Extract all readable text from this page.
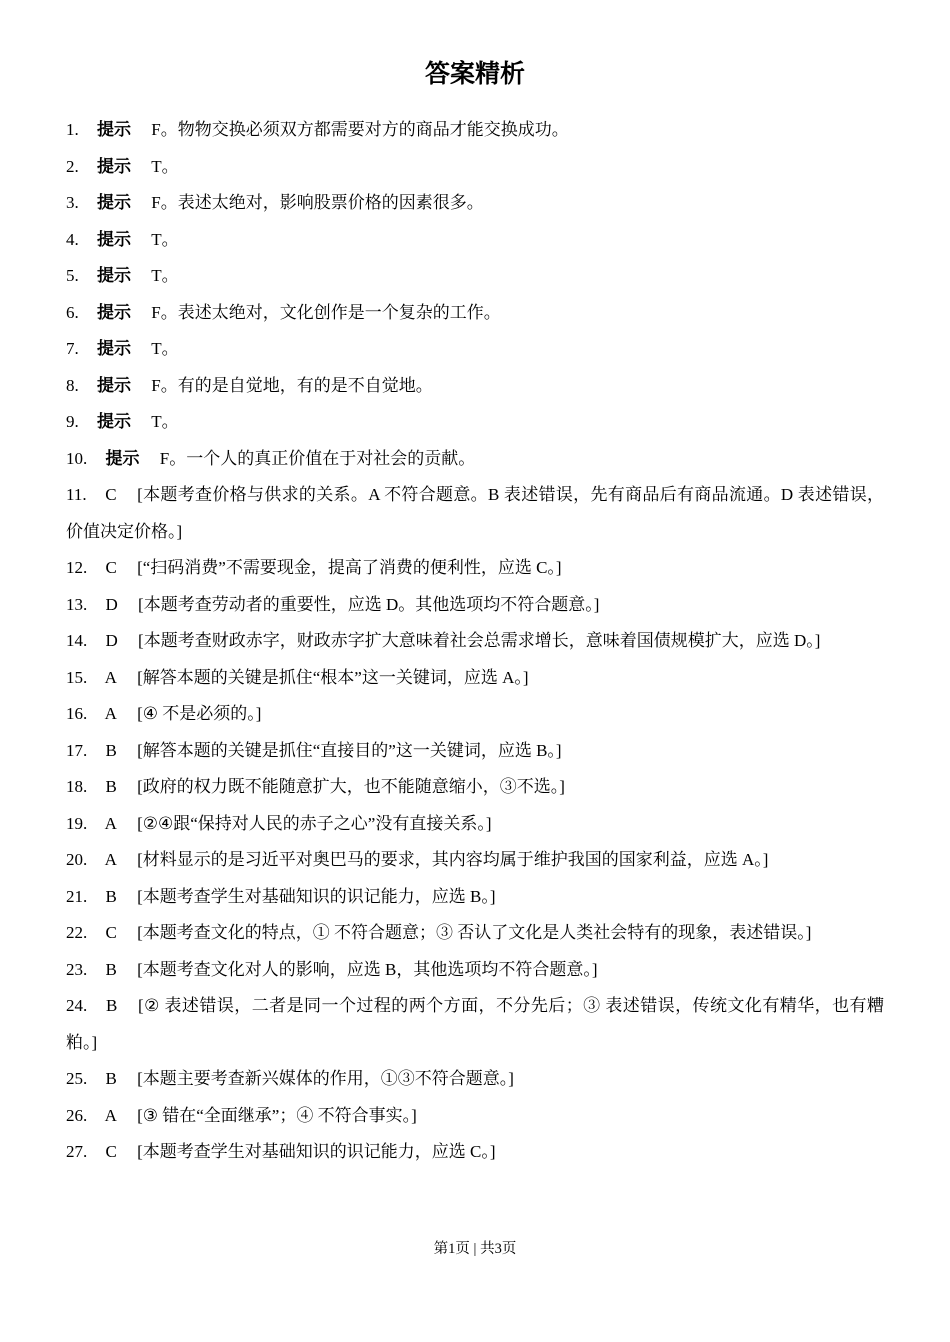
答案精析

1. 提示 F。物物交换必须双方都需要对方的商品才能交换成功。

2. 提示 T。

3. 提示 F。表述太绝对，影响股票价格的因素很多。

4. 提示 T。

5. 提示 T。

6. 提示 F。表述太绝对，文化创作是一个复杂的工作。

7. 提示 T。

8. 提示 F。有的是自觉地，有的是不自觉地。

9. 提示 T。

10. 提示 F。一个人的真正价值在于对社会的贡献。

11. C [本题考查价格与供求的关系。A 不符合题意。B 表述错误，先有商品后有商品流通。D 表述错误，价值决定价格。]

12. C [“扫码消费”不需要现金，提高了消费的便利性，应选 C。]

13. D [本题考查劳动者的重要性，应选 D。其他选项均不符合题意。]

14. D [本题考查财政赤字，财政赤字扩大意味着社会总需求增长，意味着国债规模扩大，应选 D。]

15. A [解答本题的关键是抓住“根本”这一关键词，应选 A。]

16. A [④ 不是必须的。]

17. B [解答本题的关键是抓住“直接目的”这一关键词，应选 B。]

18. B [政府的权力既不能随意扩大，也不能随意缩小，③不选。]

19. A [②④跟“保持对人民的赤子之心”没有直接关系。]

20. A [材料显示的是习近平对奥巴马的要求，其内容均属于维护我国的国家利益，应选 A。]

21. B [本题考查学生对基础知识的识记能力，应选 B。]

22. C [本题考查文化的特点，① 不符合题意；③ 否认了文化是人类社会特有的现象，表述错误。]

23. B [本题考查文化对人的影响，应选 B，其他选项均不符合题意。]

24. B [② 表述错误，二者是同一个过程的两个方面，不分先后；③ 表述错误，传统文化有精华，也有糟粕。]

25. B [本题主要考查新兴媒体的作用，①③不符合题意。]

26. A [③ 错在“全面继承”；④ 不符合事实。]

27. C [本题考查学生对基础知识的识记能力，应选 C。]

第1页 | 共3页
